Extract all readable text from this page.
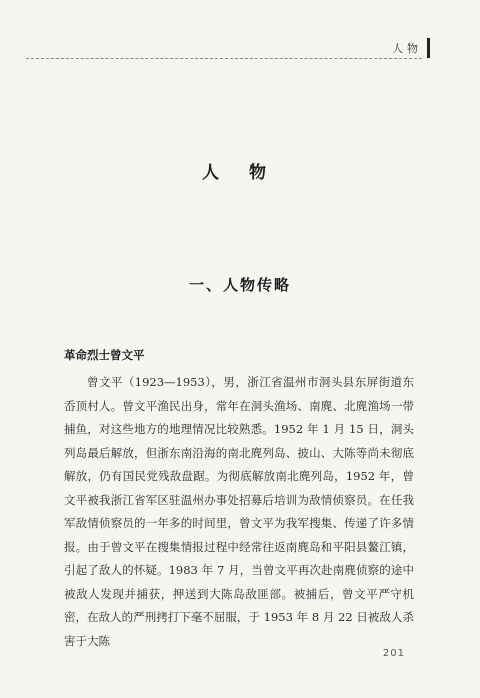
人物
人 物
一、人物传略
革命烈士曾文平

曾文平（1923—1953），男，浙江省温州市洞头县东屏街道东岙顶村人。曾文平渔民出身，常年在洞头渔场、南麂、北麂渔场一带捕鱼，对这些地方的地理情况比较熟悉。1952 年 1 月 15 日，洞头列岛最后解放，但浙东南沿海的南北麂列岛、披山、大陈等尚未彻底解放，仍有国民党残敌盘踞。为彻底解放南北麂列岛，1952 年，曾文平被我浙江省军区驻温州办事处招募后培训为敌情侦察员。在任我军敌情侦察员的一年多的时间里，曾文平为我军搜集、传递了许多情报。由于曾文平在搜集情报过程中经常往返南麂岛和平阳县鳌江镇，引起了敌人的怀疑。1983 年 7 月，当曾文平再次赴南麂侦察的途中被敌人发现并捕获，押送到大陈岛敌匪部。被捕后，曾文平严守机密，在敌人的严刑拷打下毫不屈服，于 1953 年 8 月 22 日被敌人杀害于大陈

201
